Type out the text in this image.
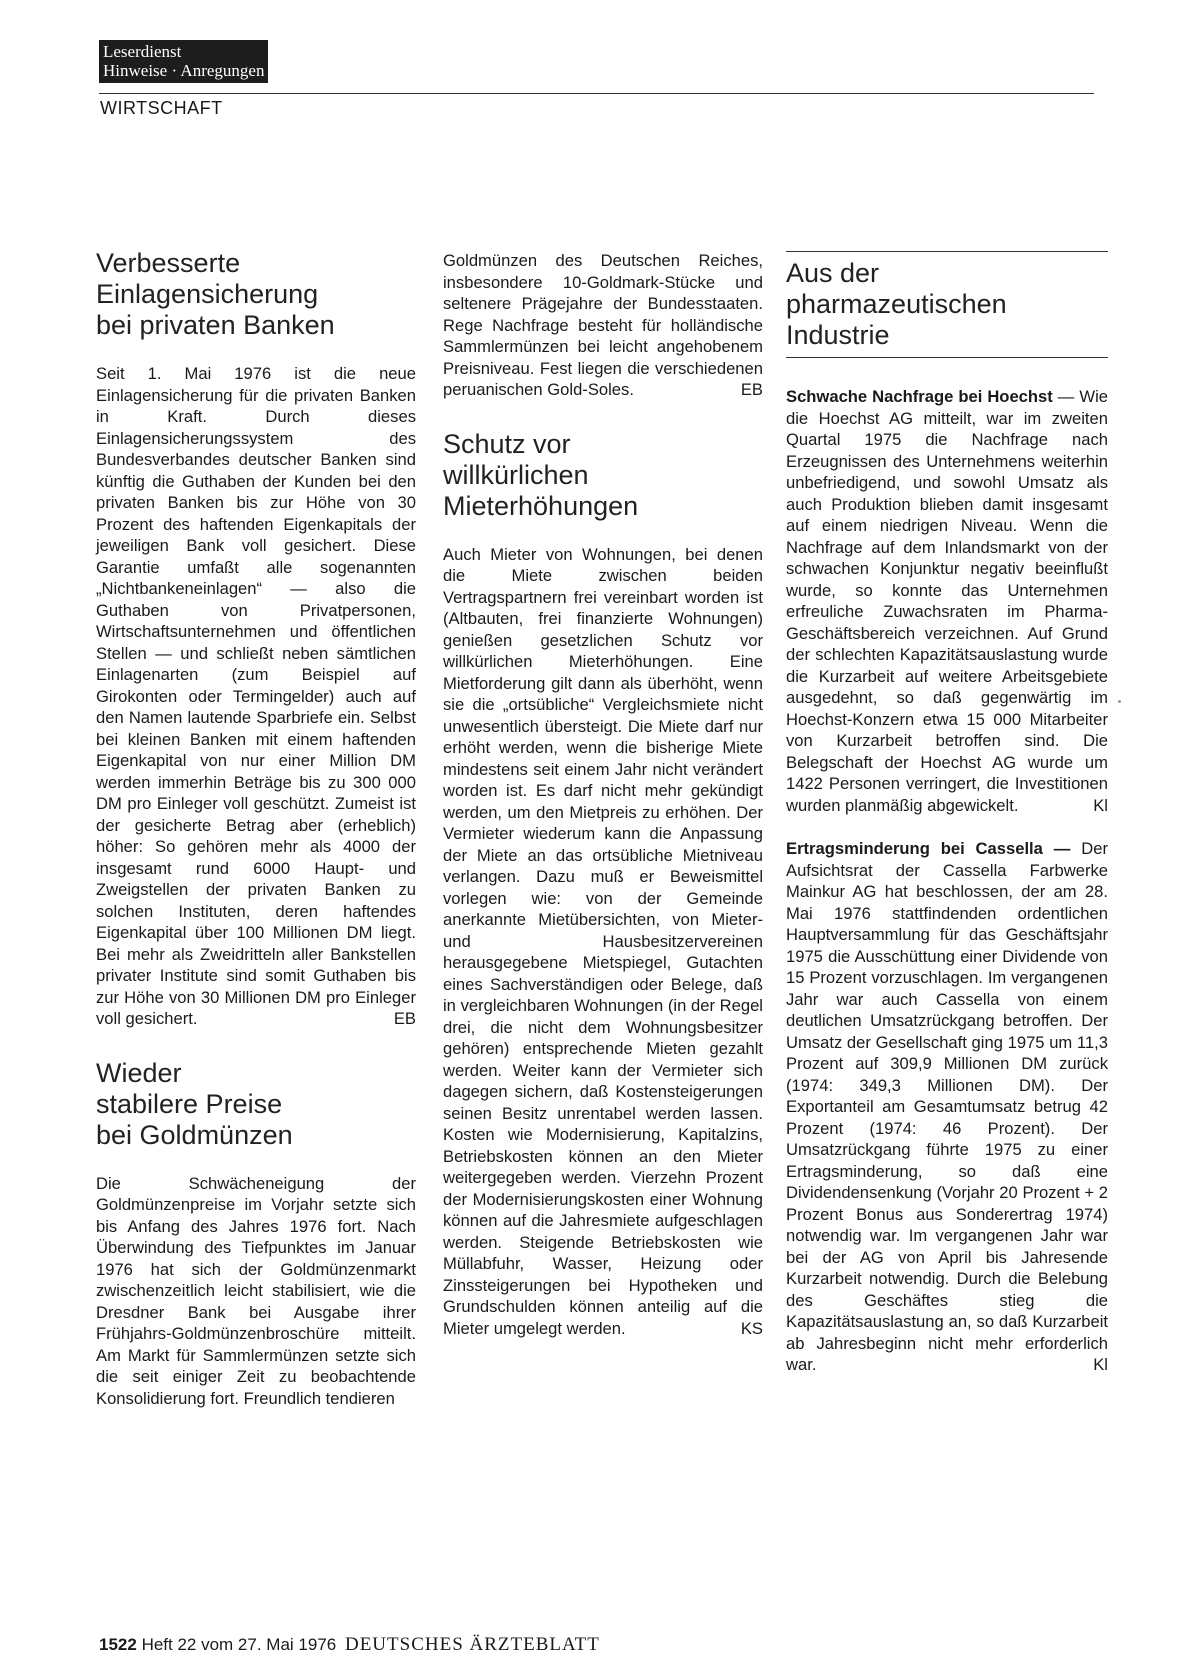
Leserdienst
Hinweise · Anregungen
WIRTSCHAFT
Verbesserte
Einlagensicherung
bei privaten Banken

Seit 1. Mai 1976 ist die neue Einlagensicherung für die privaten Banken in Kraft. Durch dieses Einlagensicherungssystem des Bundesverbandes deutscher Banken sind künftig die Guthaben der Kunden bei den privaten Banken bis zur Höhe von 30 Prozent des haftenden Eigenkapitals der jeweiligen Bank voll gesichert. Diese Garantie umfaßt alle sogenannten „Nichtbankeneinlagen“ — also die Guthaben von Privatpersonen, Wirtschaftsunternehmen und öffentlichen Stellen — und schließt neben sämtlichen Einlagenarten (zum Beispiel auf Girokonten oder Termingelder) auch auf den Namen lautende Sparbriefe ein. Selbst bei kleinen Banken mit einem haftenden Eigenkapital von nur einer Million DM werden immerhin Beträge bis zu 300 000 DM pro Einleger voll geschützt. Zumeist ist der gesicherte Betrag aber (erheblich) höher: So gehören mehr als 4000 der insgesamt rund 6000 Haupt- und Zweigstellen der privaten Banken zu solchen Instituten, deren haftendes Eigenkapital über 100 Millionen DM liegt. Bei mehr als Zweidritteln aller Bankstellen privater Institute sind somit Guthaben bis zur Höhe von 30 Millionen DM pro Einleger voll gesichert.	EB

Wieder
stabilere Preise
bei Goldmünzen

Die Schwächeneigung der Goldmünzenpreise im Vorjahr setzte sich bis Anfang des Jahres 1976 fort. Nach Überwindung des Tiefpunktes im Januar 1976 hat sich der Goldmünzenmarkt zwischenzeitlich leicht stabilisiert, wie die Dresdner Bank bei Ausgabe ihrer Frühjahrs-Goldmünzenbroschüre mitteilt. Am Markt für Sammlermünzen setzte sich die seit einiger Zeit zu beobachtende Konsolidierung fort. Freundlich tendieren

Goldmünzen des Deutschen Reiches, insbesondere 10-Goldmark-Stücke und seltenere Prägejahre der Bundesstaaten. Rege Nachfrage besteht für holländische Sammlermünzen bei leicht angehobenem Preisniveau. Fest liegen die verschiedenen peruanischen Gold-Soles.	EB

Schutz vor
willkürlichen
Mieterhöhungen

Auch Mieter von Wohnungen, bei denen die Miete zwischen beiden Vertragspartnern frei vereinbart worden ist (Altbauten, frei finanzierte Wohnungen) genießen gesetzlichen Schutz vor willkürlichen Mieterhöhungen. Eine Mietforderung gilt dann als überhöht, wenn sie die „ortsübliche“ Vergleichsmiete nicht unwesentlich übersteigt. Die Miete darf nur erhöht werden, wenn die bisherige Miete mindestens seit einem Jahr nicht verändert worden ist. Es darf nicht mehr gekündigt werden, um den Mietpreis zu erhöhen. Der Vermieter wiederum kann die Anpassung der Miete an das ortsübliche Mietniveau verlangen. Dazu muß er Beweismittel vorlegen wie: von der Gemeinde anerkannte Mietübersichten, von Mieter- und Hausbesitzervereinen herausgegebene Mietspiegel, Gutachten eines Sachverständigen oder Belege, daß in vergleichbaren Wohnungen (in der Regel drei, die nicht dem Wohnungsbesitzer gehören) entsprechende Mieten gezahlt werden. Weiter kann der Vermieter sich dagegen sichern, daß Kostensteigerungen seinen Besitz unrentabel werden lassen. Kosten wie Modernisierung, Kapitalzins, Betriebskosten können an den Mieter weitergegeben werden. Vierzehn Prozent der Modernisierungskosten einer Wohnung können auf die Jahresmiete aufgeschlagen werden. Steigende Betriebskosten wie Müllabfuhr, Wasser, Heizung oder Zinssteigerungen bei Hypotheken und Grundschulden können anteilig auf die Mieter umgelegt werden.	KS

Aus der
pharmazeutischen
Industrie

Schwache Nachfrage bei Hoechst — Wie die Hoechst AG mitteilt, war im zweiten Quartal 1975 die Nachfrage nach Erzeugnissen des Unternehmens weiterhin unbefriedigend, und sowohl Umsatz als auch Produktion blieben damit insgesamt auf einem niedrigen Niveau. Wenn die Nachfrage auf dem Inlandsmarkt von der schwachen Konjunktur negativ beeinflußt wurde, so konnte das Unternehmen erfreuliche Zuwachsraten im Pharma-Geschäftsbereich verzeichnen. Auf Grund der schlechten Kapazitätsauslastung wurde die Kurzarbeit auf weitere Arbeitsgebiete ausgedehnt, so daß gegenwärtig im Hoechst-Konzern etwa 15 000 Mitarbeiter von Kurzarbeit betroffen sind. Die Belegschaft der Hoechst AG wurde um 1422 Personen verringert, die Investitionen wurden planmäßig abgewickelt.	Kl

Ertragsminderung bei Cassella — Der Aufsichtsrat der Cassella Farbwerke Mainkur AG hat beschlossen, der am 28. Mai 1976 stattfindenden ordentlichen Hauptversammlung für das Geschäftsjahr 1975 die Ausschüttung einer Dividende von 15 Prozent vorzuschlagen. Im vergangenen Jahr war auch Cassella von einem deutlichen Umsatzrückgang betroffen. Der Umsatz der Gesellschaft ging 1975 um 11,3 Prozent auf 309,9 Millionen DM zurück (1974: 349,3 Millionen DM). Der Exportanteil am Gesamtumsatz betrug 42 Prozent (1974: 46 Prozent). Der Umsatzrückgang führte 1975 zu einer Ertragsminderung, so daß eine Dividendensenkung (Vorjahr 20 Prozent + 2 Prozent Bonus aus Sonderertrag 1974) notwendig war. Im vergangenen Jahr war bei der AG von April bis Jahresende Kurzarbeit notwendig. Durch die Belebung des Geschäftes stieg die Kapazitätsauslastung an, so daß Kurzarbeit ab Jahresbeginn nicht mehr erforderlich war.	Kl

1522 Heft 22 vom 27. Mai 1976 DEUTSCHES ÄRZTEBLATT
